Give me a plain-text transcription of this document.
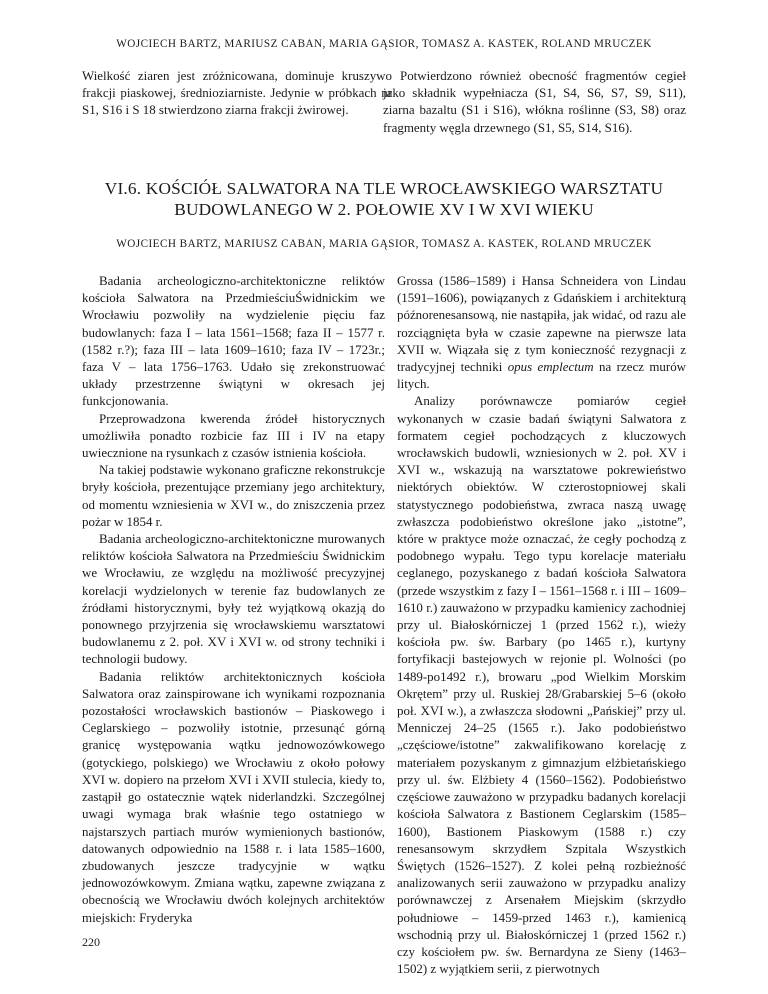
WOJCIECH BARTZ, MARIUSZ CABAN, MARIA GĄSIOR, TOMASZ A. KASTEK, ROLAND MRUCZEK

Wielkość ziaren jest zróżnicowana, dominuje kruszywo frakcji piaskowej, średnioziarniste. Jedynie w próbkach nr S1, S16 i S 18 stwierdzono ziarna frakcji żwirowej.

Potwierdzono również obecność fragmentów cegieł jako składnik wypełniacza (S1, S4, S6, S7, S9, S11), ziarna bazaltu (S1 i S16), włókna roślinne (S3, S8) oraz fragmenty węgla drzewnego (S1, S5, S14, S16).

VI.6. KOŚCIÓŁ SALWATORA NA TLE WROCŁAWSKIEGO WARSZTATU
BUDOWLANEGO W 2. POŁOWIE XV I W XVI WIEKU
WOJCIECH BARTZ, MARIUSZ CABAN, MARIA GĄSIOR, TOMASZ A. KASTEK, ROLAND MRUCZEK

Badania archeologiczno-architektoniczne reliktów kościoła Salwatora na PrzedmieściuŚwidnickim we Wrocławiu pozwoliły na wydzielenie pięciu faz budowlanych: faza I – lata 1561–1568; faza II – 1577 r. (1582 r.?); faza III – lata 1609–1610; faza IV – 1723r.; faza V – lata 1756–1763. Udało się zrekonstruować układy przestrzenne świątyni w okresach jej funkcjonowania.

Przeprowadzona kwerenda źródeł historycznych umożliwiła ponadto rozbicie faz III i IV na etapy uwiecznione na rysunkach z czasów istnienia kościoła.

Na takiej podstawie wykonano graficzne rekonstrukcje bryły kościoła, prezentujące przemiany jego architektury, od momentu wzniesienia w XVI w., do zniszczenia przez pożar w 1854 r.

Badania archeologiczno-architektoniczne murowanych reliktów kościoła Salwatora na Przedmieściu Świdnickim we Wrocławiu, ze względu na możliwość precyzyjnej korelacji wydzielonych w terenie faz budowlanych ze źródłami historycznymi, były też wyjątkową okazją do ponownego przyjrzenia się wrocławskiemu warsztatowi budowlanemu z 2. poł. XV i XVI w. od strony techniki i technologii budowy.

Badania reliktów architektonicznych kościoła Salwatora oraz zainspirowane ich wynikami rozpoznania pozostałości wrocławskich bastionów – Piaskowego i Ceglarskiego – pozwoliły istotnie, przesunąć górną granicę występowania wątku jednowozówkowego (gotyckiego, polskiego) we Wrocławiu z około połowy XVI w. dopiero na przełom XVI i XVII stulecia, kiedy to, zastąpił go ostatecznie wątek niderlandzki. Szczególnej uwagi wymaga brak właśnie tego ostatniego w najstarszych partiach murów wymienionych bastionów, datowanych odpowiednio na 1588 r. i lata 1585–1600, zbudowanych jeszcze tradycyjnie w wątku jednowozówkowym. Zmiana wątku, zapewne związana z obecnością we Wrocławiu dwóch kolejnych architektów miejskich: Fryderyka

Grossa (1586–1589) i Hansa Schneidera von Lindau (1591–1606), powiązanych z Gdańskiem i architekturą późnorenesansową, nie nastąpiła, jak widać, od razu ale rozciągnięta była w czasie zapewne na pierwsze lata XVII w. Wiązała się z tym konieczność rezygnacji z tradycyjnej techniki opus emplectum na rzecz murów litych.

Analizy porównawcze pomiarów cegieł wykonanych w czasie badań świątyni Salwatora z formatem cegieł pochodzących z kluczowych wrocławskich budowli, wzniesionych w 2. poł. XV i XVI w., wskazują na warsztatowe pokrewieństwo niektórych obiektów. W czterostopniowej skali statystycznego podobieństwa, zwraca naszą uwagę zwłaszcza podobieństwo określone jako „istotne”, które w praktyce może oznaczać, że cegły pochodzą z podobnego wypału. Tego typu korelacje materiału ceglanego, pozyskanego z badań kościoła Salwatora (przede wszystkim z fazy I – 1561–1568 r. i III – 1609–1610 r.) zauważono w przypadku kamienicy zachodniej przy ul. Białoskórniczej 1 (przed 1562 r.), wieży kościoła pw. św. Barbary (po 1465 r.), kurtyny fortyfikacji bastejowych w rejonie pl. Wolności (po 1489-po1492 r.), browaru „pod Wielkim Morskim Okrętem” przy ul. Ruskiej 28/Grabarskiej 5–6 (około poł. XVI w.), a zwłaszcza słodowni „Pańskiej” przy ul. Menniczej 24–25 (1565 r.). Jako podobieństwo „częściowe/istotne” zakwalifikowano korelację z materiałem pozyskanym z gimnazjum elżbietańskiego przy ul. św. Elżbiety 4 (1560–1562). Podobieństwo częściowe zauważono w przypadku badanych korelacji kościoła Salwatora z Bastionem Ceglarskim (1585–1600), Bastionem Piaskowym (1588 r.) czy renesansowym skrzydłem Szpitala Wszystkich Świętych (1526–1527). Z kolei pełną rozbieżność analizowanych serii zauważono w przypadku analizy porównawczej z Arsenałem Miejskim (skrzydło południowe – 1459-przed 1463 r.), kamienicą wschodnią przy ul. Białoskórniczej 1 (przed 1562 r.) czy kościołem pw. św. Bernardyna ze Sieny (1463–1502) z wyjątkiem serii, z pierwotnych

220
